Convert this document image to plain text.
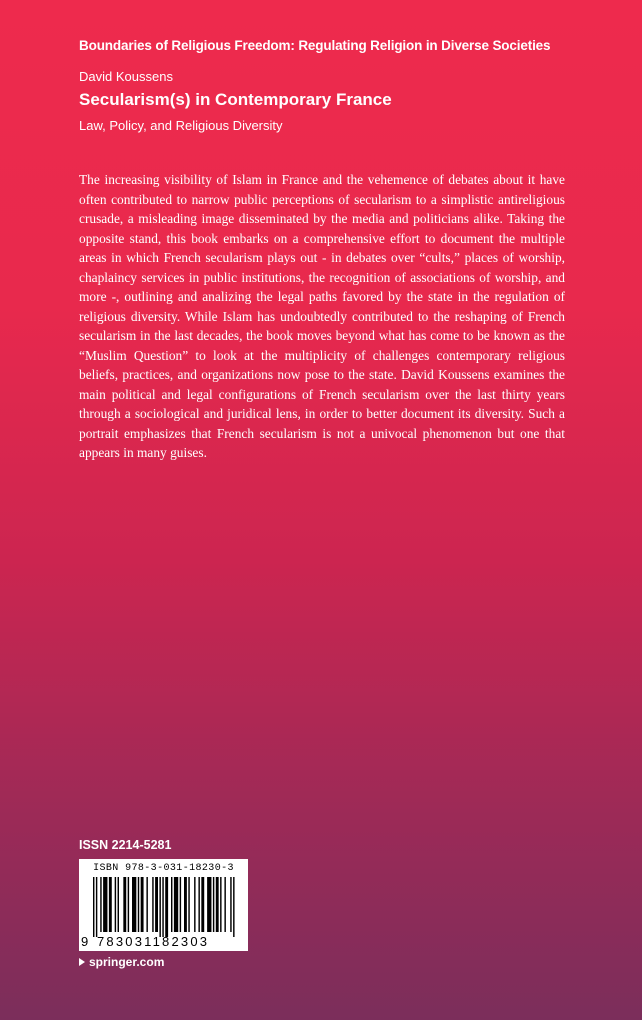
Boundaries of Religious Freedom: Regulating Religion in Diverse Societies
David Koussens
Secularism(s) in Contemporary France
Law, Policy, and Religious Diversity

The increasing visibility of Islam in France and the vehemence of debates about it have often contributed to narrow public perceptions of secularism to a simplistic antireligious crusade, a misleading image disseminated by the media and politicians alike. Taking the opposite stand, this book embarks on a comprehensive effort to document the multiple areas in which French secularism plays out - in debates over “cults,” places of worship, chaplaincy services in public institutions, the recognition of associations of worship, and more -, outlining and analizing the legal paths favored by the state in the regulation of religious diversity. While Islam has undoubtedly contributed to the reshaping of French secularism in the last decades, the book moves beyond what has come to be known as the “Muslim Question” to look at the multiplicity of challenges contemporary religious beliefs, practices, and organizations now pose to the state. David Koussens examines the main political and legal configurations of French secularism over the last thirty years through a sociological and juridical lens, in order to better document its diversity. Such a portrait emphasizes that French secularism is not a univocal phenomenon but one that appears in many guises.

ISSN 2214-5281
ISBN 978-3-031-18230-3
9 783031182303
springer.com
